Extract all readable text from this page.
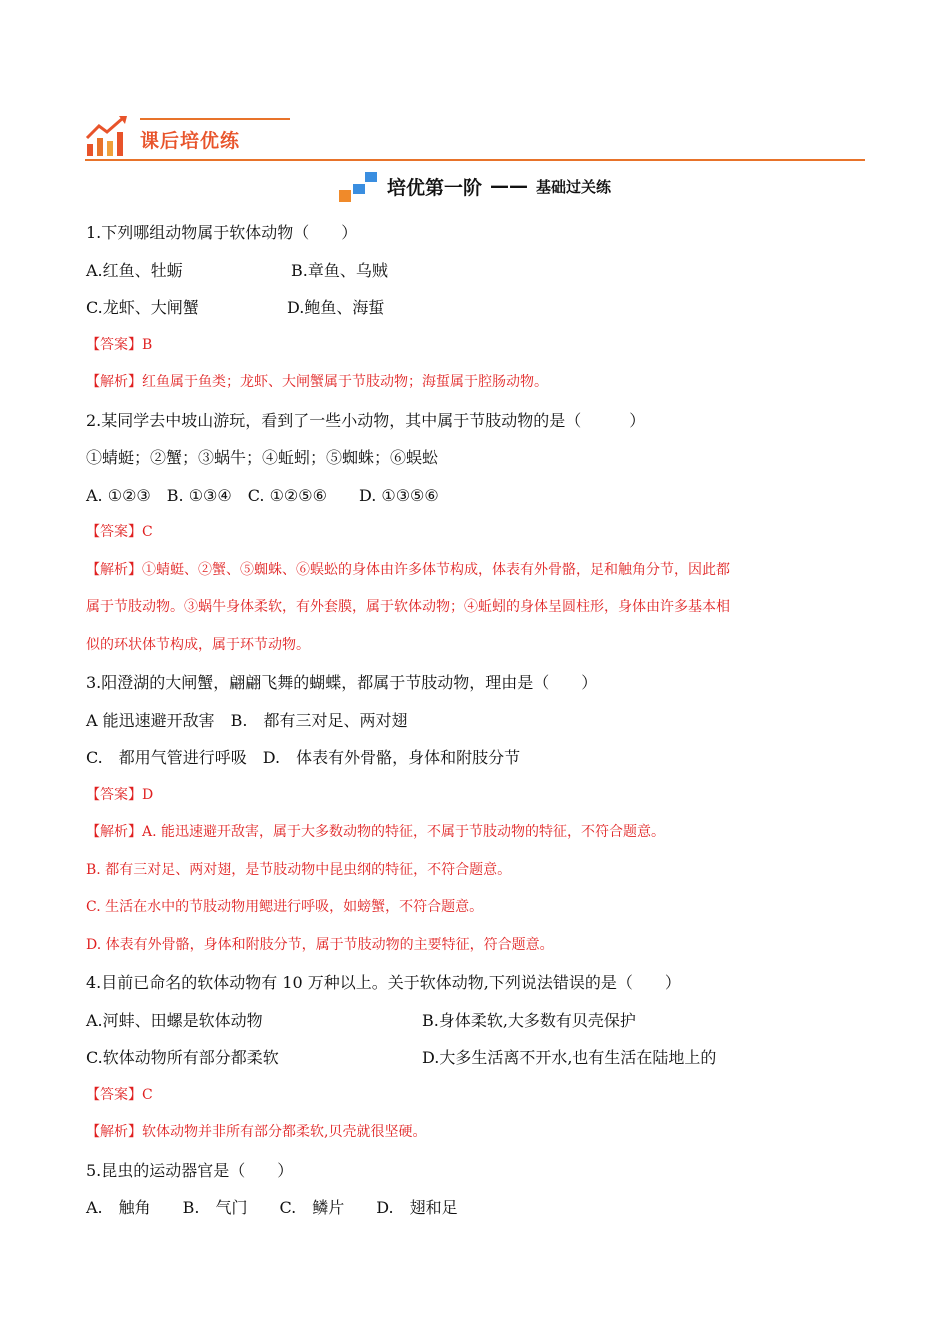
课后培优练
培优第一阶 —— 基础过关练
1.下列哪组动物属于软体动物（　　）
A.红鱼、牡蛎	B.章鱼、乌贼
C.龙虾、大闸蟹	D.鲍鱼、海蜇
【答案】B
【解析】红鱼属于鱼类；龙虾、大闸蟹属于节肢动物；海蜇属于腔肠动物。
2.某同学去中坡山游玩，看到了一些小动物，其中属于节肢动物的是（　　　）
①蜻蜓；②蟹；③蜗牛；④蚯蚓；⑤蜘蛛；⑥蜈蚣
A. ①②③　B. ①③④　C. ①②⑤⑥　　D. ①③⑤⑥
【答案】C
【解析】①蜻蜓、②蟹、⑤蜘蛛、⑥蜈蚣的身体由许多体节构成，体表有外骨骼，足和触角分节，因此都
属于节肢动物。③蜗牛身体柔软，有外套膜，属于软体动物；④蚯蚓的身体呈圆柱形，身体由许多基本相
似的环状体节构成，属于环节动物。
3.阳澄湖的大闸蟹，翩翩飞舞的蝴蝶，都属于节肢动物，理由是（　　）
A 能迅速避开敌害　B.　都有三对足、两对翅
C.　都用气管进行呼吸　D.　体表有外骨骼，身体和附肢分节
【答案】D
【解析】A. 能迅速避开敌害，属于大多数动物的特征，不属于节肢动物的特征，不符合题意。
B. 都有三对足、两对翅，是节肢动物中昆虫纲的特征，不符合题意。
C. 生活在水中的节肢动物用鳃进行呼吸，如螃蟹，不符合题意。
D. 体表有外骨骼，身体和附肢分节，属于节肢动物的主要特征，符合题意。
4.目前已命名的软体动物有 10 万种以上。关于软体动物,下列说法错误的是（　　）
A.河蚌、田螺是软体动物	B.身体柔软,大多数有贝壳保护
C.软体动物所有部分都柔软	D.大多生活离不开水,也有生活在陆地上的
【答案】C
【解析】软体动物并非所有部分都柔软,贝壳就很坚硬。
5.昆虫的运动器官是（　　）
A.　触角　　B.　气门　　C.　鳞片　　D.　翅和足
